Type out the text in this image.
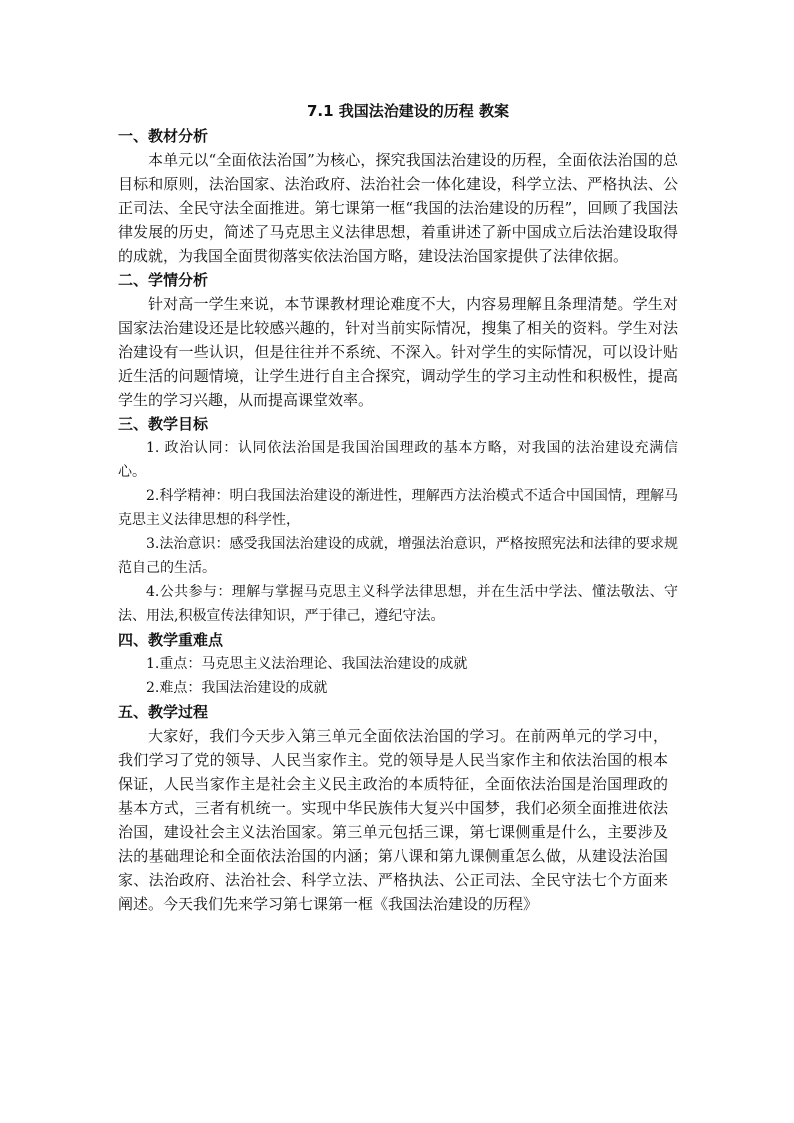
7.1 我国法治建设的历程 教案
一、教材分析

本单元以“全面依法治国”为核心，探究我国法治建设的历程，全面依法治国的总目标和原则，法治国家、法治政府、法治社会一体化建设，科学立法、严格执法、公正司法、全民守法全面推进。第七课第一框“我国的法治建设的历程”，回顾了我国法律发展的历史，简述了马克思主义法律思想，着重讲述了新中国成立后法治建设取得的成就，为我国全面贯彻落实依法治国方略，建设法治国家提供了法律依据。

二、学情分析

针对高一学生来说，本节课教材理论难度不大，内容易理解且条理清楚。学生对国家法治建设还是比较感兴趣的，针对当前实际情况，搜集了相关的资料。学生对法治建设有一些认识，但是往往并不系统、不深入。针对学生的实际情况，可以设计贴近生活的问题情境，让学生进行自主合探究，调动学生的学习主动性和积极性，提高学生的学习兴趣，从而提高课堂效率。

三、教学目标

1. 政治认同：认同依法治国是我国治国理政的基本方略，对我国的法治建设充满信心。

2.科学精神：明白我国法治建设的渐进性，理解西方法治模式不适合中国国情，理解马克思主义法律思想的科学性，

3.法治意识：感受我国法治建设的成就，增强法治意识，严格按照宪法和法律的要求规范自己的生活。

4.公共参与：理解与掌握马克思主义科学法律思想，并在生活中学法、懂法敬法、守法、用法,积极宣传法律知识，严于律己，遵纪守法。

四、教学重难点

1.重点：马克思主义法治理论、我国法治建设的成就

2.难点：我国法治建设的成就

五、教学过程

大家好，我们今天步入第三单元全面依法治国的学习。在前两单元的学习中，我们学习了党的领导、人民当家作主。党的领导是人民当家作主和依法治国的根本保证，人民当家作主是社会主义民主政治的本质特征，全面依法治国是治国理政的基本方式，三者有机统一。实现中华民族伟大复兴中国梦，我们必须全面推进依法治国，建设社会主义法治国家。第三单元包括三课，第七课侧重是什么，主要涉及法的基础理论和全面依法治国的内涵；第八课和第九课侧重怎么做，从建设法治国家、法治政府、法治社会、科学立法、严格执法、公正司法、全民守法七个方面来阐述。今天我们先来学习第七课第一框《我国法治建设的历程》
